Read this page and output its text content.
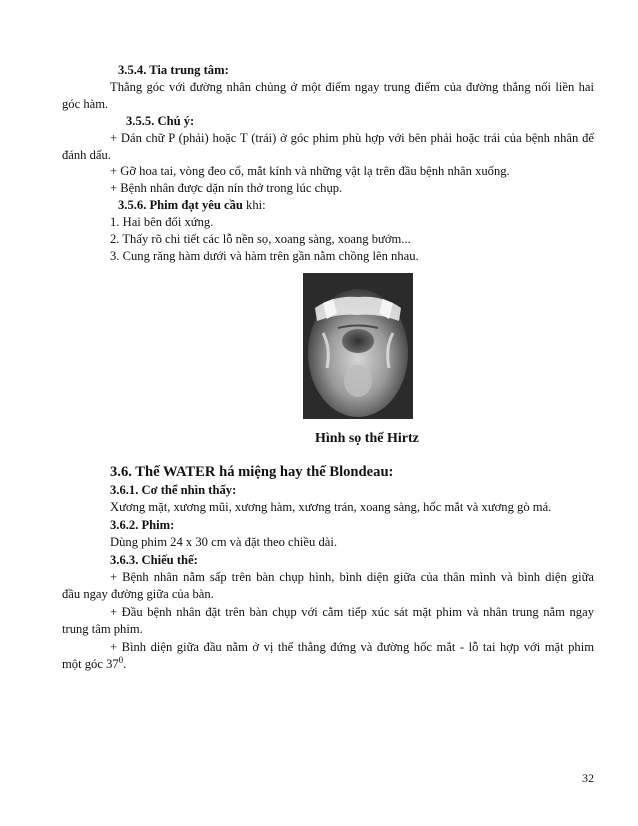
3.5.4. Tia trung tâm:
Thẳng góc với đường nhân chủng ở một điểm ngay trung điểm của đường thẳng nối liền hai
góc hàm.
3.5.5. Chú ý:
+ Dán chữ P (phải) hoặc T (trái) ở góc phim phù hợp với bên phải hoặc trái của bệnh nhân để
đánh dấu.
+ Gỡ hoa tai, vòng đeo cổ, mắt kính và những vật lạ trên đầu bệnh nhân xuống.
+ Bệnh nhân được dặn nín thở trong lúc chụp.
3.5.6. Phim đạt yêu cầu khi:
1. Hai bên đối xứng.
2. Thấy rõ chi tiết các lỗ nền sọ, xoang sàng, xoang bướm...
3. Cung răng hàm dưới và hàm trên gần nằm chồng lên nhau.
Hình sọ thế Hirtz
3.6. Thế WATER há miệng hay thế Blondeau:
3.6.1. Cơ thể nhìn thấy:
Xương mặt, xương mũi, xương hàm, xương trán, xoang sàng, hốc mắt và xương gò má.
3.6.2. Phim:
Dùng phim 24 x 30 cm và đặt theo chiều dài.
3.6.3. Chiếu thế:
+ Bệnh nhân nằm sấp trên bàn chụp hình, bình diện giữa của thân mình và bình diện giữa
đầu ngay đường giữa của bàn.
+ Đầu bệnh nhân đặt trên bàn chụp với cằm tiếp xúc sát mặt phim và nhân trung nằm ngay
trung tâm phim.
+ Bình diện giữa đầu nằm ở vị thế thẳng đứng và đường hốc mắt - lỗ tai hợp với mặt phim
một góc $37^0$.
32
